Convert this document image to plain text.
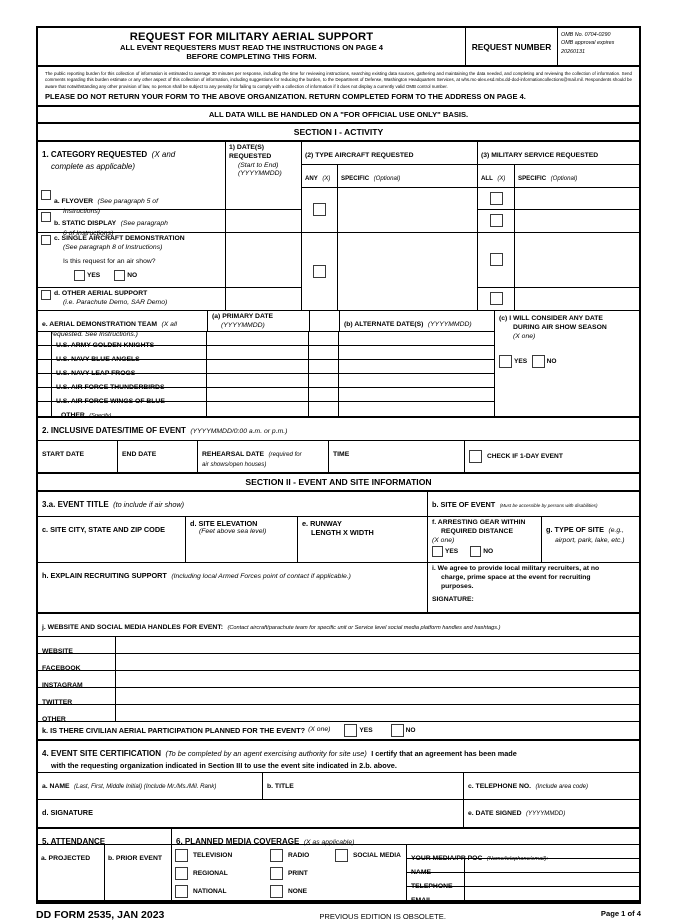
REQUEST FOR MILITARY AERIAL SUPPORT
ALL EVENT REQUESTERS MUST READ THE INSTRUCTIONS ON PAGE 4
BEFORE COMPLETING THIS FORM.
REQUEST NUMBER
OMB No. 0704-0290
OMB approval expires
20260131
The public reporting burden for this collection of information is estimated to average 30 minutes per response, including the time for reviewing instructions, searching existing data sources, gathering and maintaining the data needed, and completing and reviewing the collection of information. Send comments regarding this burden estimate or any other aspect of this collection of information, including suggestions for reducing the burden, to the Department of Defense, Washington Headquarters Services, at whs.mc-alex.esd.mbx.dd-dod-informationcollections@mail.mil. Respondents should be aware that notwithstanding any other provision of law, no person shall be subject to any penalty for failing to comply with a collection of information if it does not display a currently valid OMB control number.
PLEASE DO NOT RETURN YOUR FORM TO THE ABOVE ORGANIZATION. RETURN COMPLETED FORM TO THE ADDRESS ON PAGE 4.
ALL DATA WILL BE HANDLED ON A "FOR OFFICIAL USE ONLY" BASIS.
SECTION I - ACTIVITY
1. CATEGORY REQUESTED (X and
complete as applicable)
1) DATE(S) REQUESTED
(Start to End)
(YYYYMMDD)
(2) TYPE AIRCRAFT REQUESTED
ANY (X)	SPECIFIC (Optional)
(3) MILITARY SERVICE REQUESTED
ALL (X)	SPECIFIC (Optional)
a. FLYOVER (See paragraph 5 of
Instructions)
b. STATIC DISPLAY (See paragraph
6 of Instructions)
c. SINGLE AIRCRAFT DEMONSTRATION
(See paragraph 8 of Instructions)
Is this request for an air show?
YES	NO
d. OTHER AERIAL SUPPORT
(i.e. Parachute Demo, SAR Demo)
e. AERIAL DEMONSTRATION TEAM (X all
requested. See Instructions.)
(a) PRIMARY DATE
(YYYYMMDD)	(b) ALTERNATE DATE(S) (YYYYMMDD)
U.S. ARMY GOLDEN KNIGHTS
U.S. NAVY BLUE ANGELS
U.S. NAVY LEAP FROGS
U.S. AIR FORCE THUNDERBIRDS
U.S. AIR FORCE WINGS OF BLUE
OTHER (Specify)
(c) I WILL CONSIDER ANY DATE
DURING AIR SHOW SEASON
(X one)
YES
	NO
2. INCLUSIVE DATES/TIME OF EVENT (YYYYMMDD/0:00 a.m. or p.m.)
START DATE	END DATE	REHEARSAL DATE (required for
air shows/open houses)
TIME	CHECK IF 1-DAY EVENT
SECTION II - EVENT AND SITE INFORMATION
3.a. EVENT TITLE (to include if air show)	b. SITE OF EVENT (Must be accessible by persons with disabilities)
c. SITE CITY, STATE AND ZIP CODE
d. SITE ELEVATION
(Feet above sea level)
e. RUNWAY
LENGTH X WIDTH
f. ARRESTING GEAR WITHIN
REQUIRED DISTANCE
(X one)
YES	NO
g. TYPE OF SITE (e.g.,
airport, park, lake, etc.)
h. EXPLAIN RECRUITING SUPPORT (Including local Armed Forces point of contact if applicable.)
i. We agree to provide local military recruiters, at no
charge, prime space at the event for recruiting
purposes.
SIGNATURE:
j. WEBSITE AND SOCIAL MEDIA HANDLES FOR EVENT: (Contact aircraft/parachute team for specific unit or Service level social media platform handles and hashtags.)
WEBSITE
FACEBOOK
INSTAGRAM
TWITTER
OTHER
k. IS THERE CIVILIAN AERIAL PARTICIPATION PLANNED FOR THE EVENT? (X one)	YES	NO
4. EVENT SITE CERTIFICATION (To be completed by an agent exercising authority for site use) I certify that an agreement has been made
with the requesting organization indicated in Section III to use the event site indicated in 2.b. above.
a. NAME (Last, First, Middle Initial) (Include Mr./Ms./Mil. Rank)	b. TITLE	c. TELEPHONE NO. (Include area code)
d. SIGNATURE	e. DATE SIGNED (YYYYMMDD)
5. ATTENDANCE	6. PLANNED MEDIA COVERAGE (X as applicable)
a. PROJECTED	b. PRIOR EVENT	TELEVISION	RADIO	SOCIAL MEDIA
REGIONAL	PRINT
NATIONAL	NONE
YOUR MEDIA/PR POC (Name/telephone/email):
NAME
TELEPHONE
EMAIL
DD FORM 2535, JAN 2023	PREVIOUS EDITION IS OBSOLETE.	Page 1 of 4
